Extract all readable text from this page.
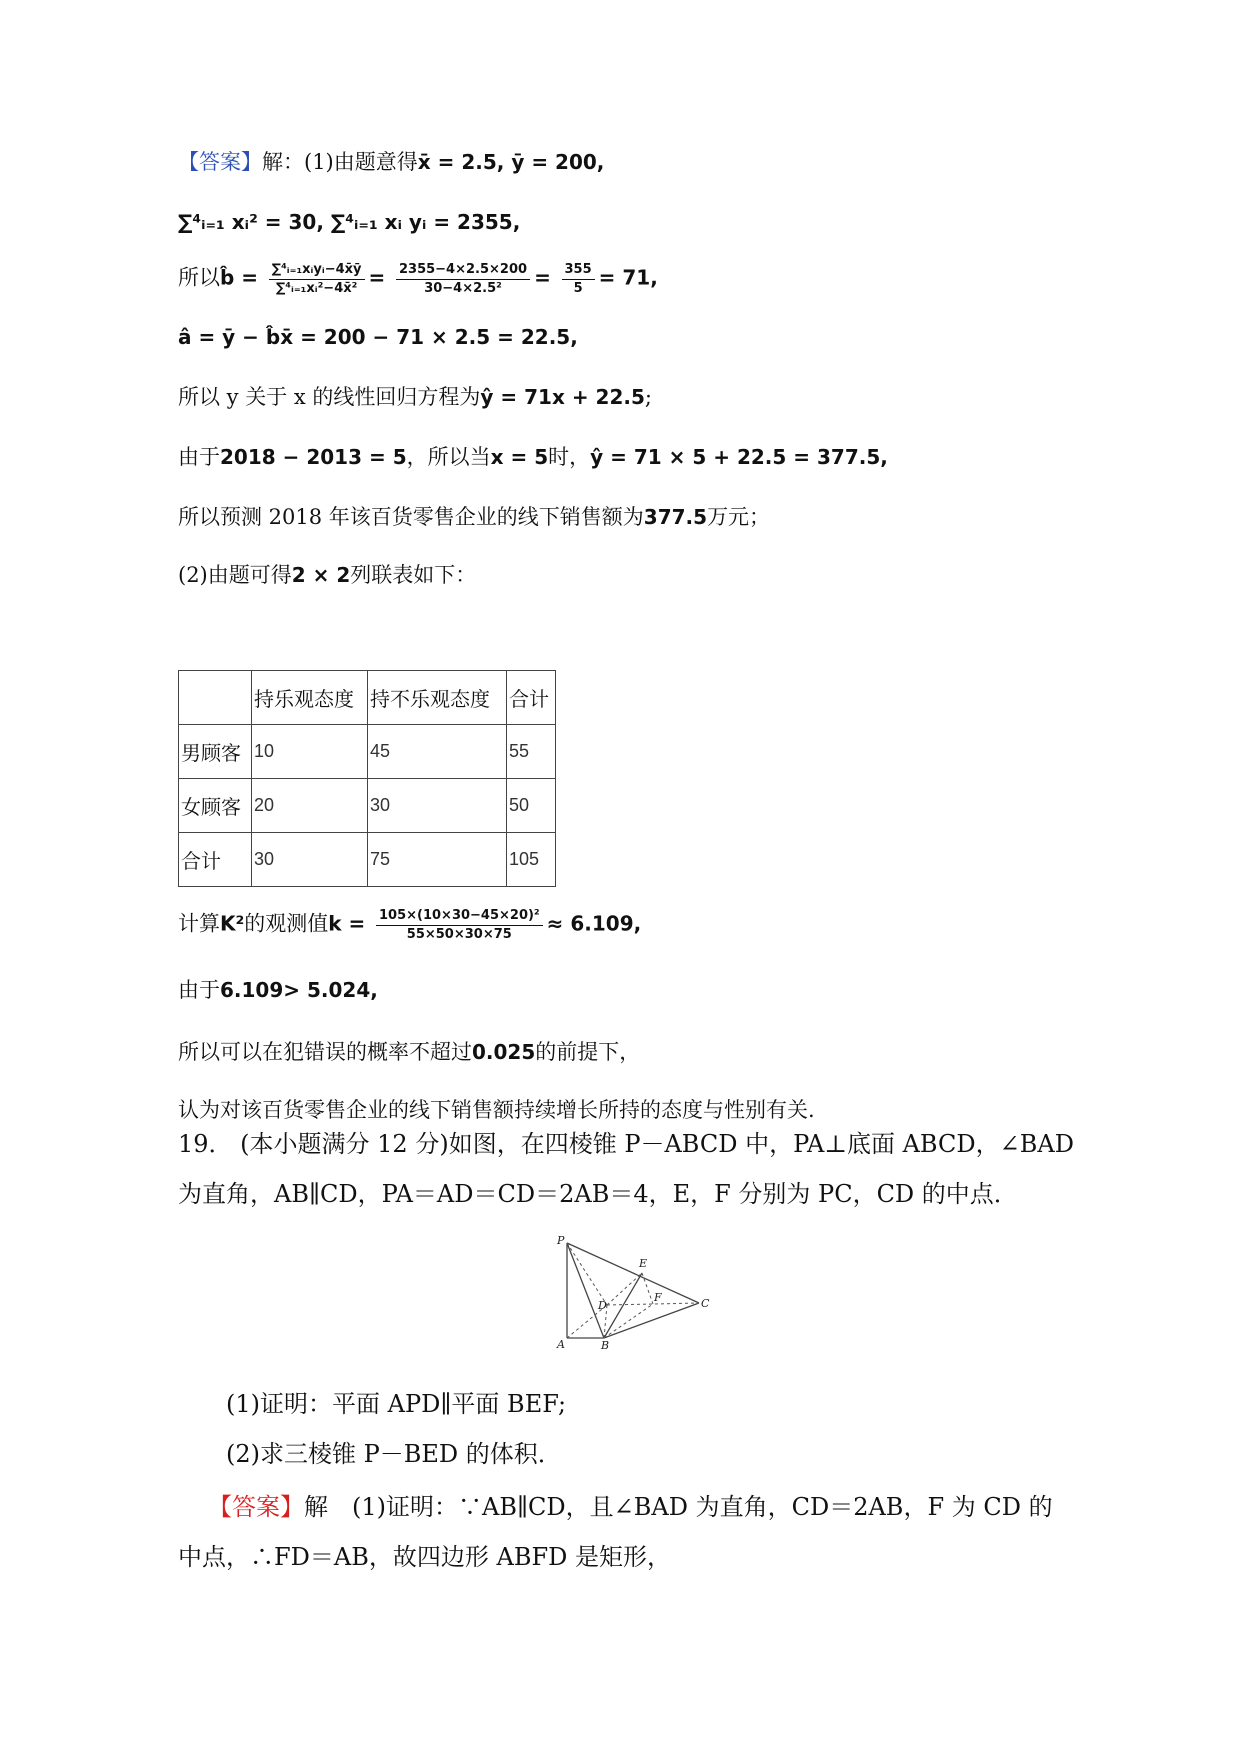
【答案】解：(1)由题意得x̄ = 2.5, ȳ = 200,
∑⁴ᵢ₌₁ xᵢ² = 30, ∑⁴ᵢ₌₁ xᵢ yᵢ = 2355,
所以b̂ = $\frac{\text{∑⁴ᵢ₌₁xᵢyᵢ−4x̄ȳ}}{\text{∑⁴ᵢ₌₁xᵢ²−4x̄²}} = \frac{2355-4\times 2.5\times 200}{\text{30−4×2.5²}} = \frac{355}{5} = 71$,
â = ȳ − b̂x̄ = 200 − 71 × 2.5 = 22.5,
所以 y 关于 x 的线性回归方程为ŷ = 71x + 22.5;
由于2018 − 2013 = 5，所以当x = 5时，ŷ = 71 × 5 + 22.5 = 377.5,
所以预测 2018 年该百货零售企业的线下销售额为377.5万元；
(2)由题可得2 × 2列联表如下：
	持乐观态度	持不乐观态度	合计
男顾客	10	45	55
女顾客	20	30	50
合计	30	75	105
计算K²的观测值$k = \frac{\text{105×(10×30−45×20)²}}{55\times 50\times 30\times 75} \approx 6.109$,
由于6.109> 5.024,
所以可以在犯错误的概率不超过0.025的前提下，
认为对该百货零售企业的线下销售额持续增长所持的态度与性别有关.
19． (本小题满分 12 分)如图，在四棱锥 P－ABCD 中，PA⊥底面 ABCD，∠BAD
为直角，AB∥CD，PA＝AD＝CD＝2AB＝4，E，F 分别为 PC，CD 的中点．
P
E
D
F	C
A	B
(1)证明：平面 APD∥平面 BEF;
(2)求三棱锥 P－BED 的体积．
【答案】解　(1)证明：∵AB∥CD，且∠BAD 为直角，CD＝2AB，F 为 CD 的
中点，∴FD＝AB，故四边形 ABFD 是矩形，
